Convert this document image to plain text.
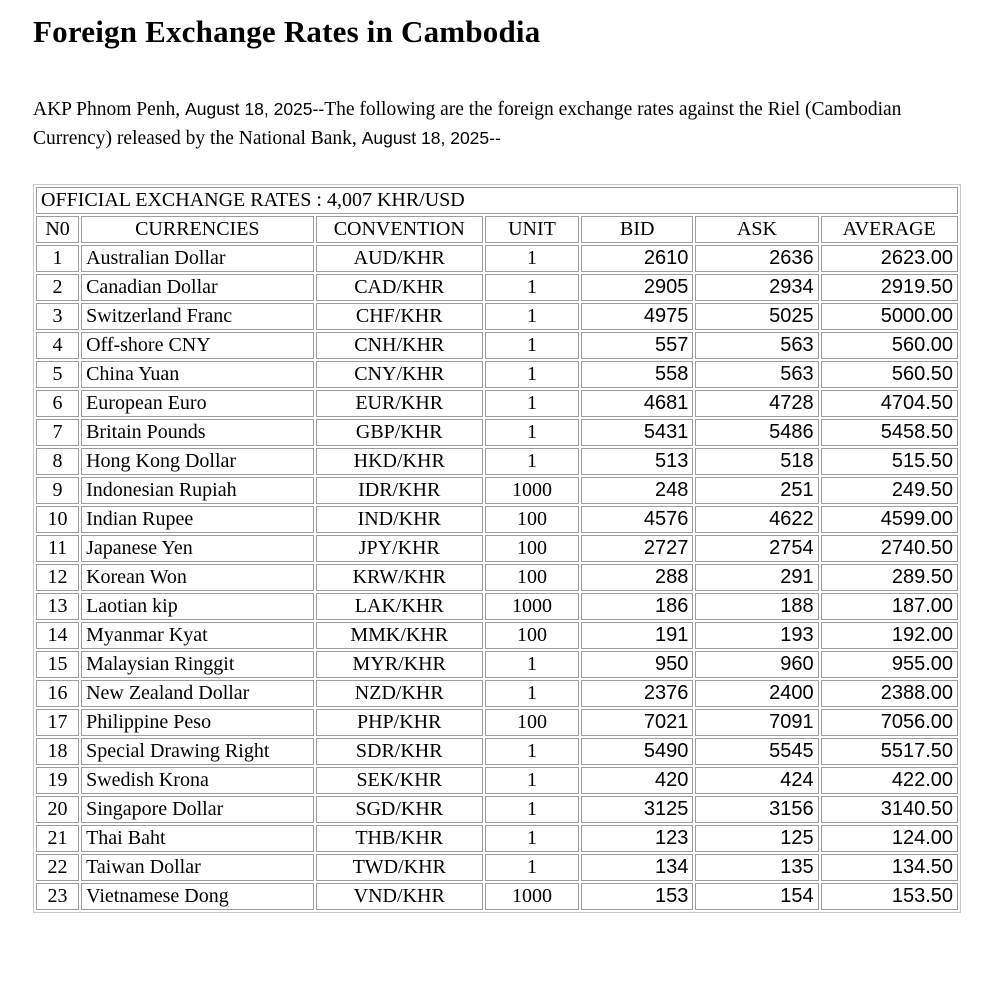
Foreign Exchange Rates in Cambodia

AKP Phnom Penh, August 18, 2025--The following are the foreign exchange rates against the Riel (Cambodian Currency) released by the National Bank, August 18, 2025--

OFFICIAL EXCHANGE RATES : 4,007 KHR/USD						
N0	CURRENCIES	CONVENTION	UNIT	BID	ASK	AVERAGE
1	Australian Dollar	AUD/KHR	1	2610	2636	2623.00
2	Canadian Dollar	CAD/KHR	1	2905	2934	2919.50
3	Switzerland Franc	CHF/KHR	1	4975	5025	5000.00
4	Off-shore CNY	CNH/KHR	1	557	563	560.00
5	China Yuan	CNY/KHR	1	558	563	560.50
6	European Euro	EUR/KHR	1	4681	4728	4704.50
7	Britain Pounds	GBP/KHR	1	5431	5486	5458.50
8	Hong Kong Dollar	HKD/KHR	1	513	518	515.50
9	Indonesian Rupiah	IDR/KHR	1000	248	251	249.50
10	Indian Rupee	IND/KHR	100	4576	4622	4599.00
11	Japanese Yen	JPY/KHR	100	2727	2754	2740.50
12	Korean Won	KRW/KHR	100	288	291	289.50
13	Laotian kip	LAK/KHR	1000	186	188	187.00
14	Myanmar Kyat	MMK/KHR	100	191	193	192.00
15	Malaysian Ringgit	MYR/KHR	1	950	960	955.00
16	New Zealand Dollar	NZD/KHR	1	2376	2400	2388.00
17	Philippine Peso	PHP/KHR	100	7021	7091	7056.00
18	Special Drawing Right	SDR/KHR	1	5490	5545	5517.50
19	Swedish Krona	SEK/KHR	1	420	424	422.00
20	Singapore Dollar	SGD/KHR	1	3125	3156	3140.50
21	Thai Baht	THB/KHR	1	123	125	124.00
22	Taiwan Dollar	TWD/KHR	1	134	135	134.50
23	Vietnamese Dong	VND/KHR	1000	153	154	153.50
